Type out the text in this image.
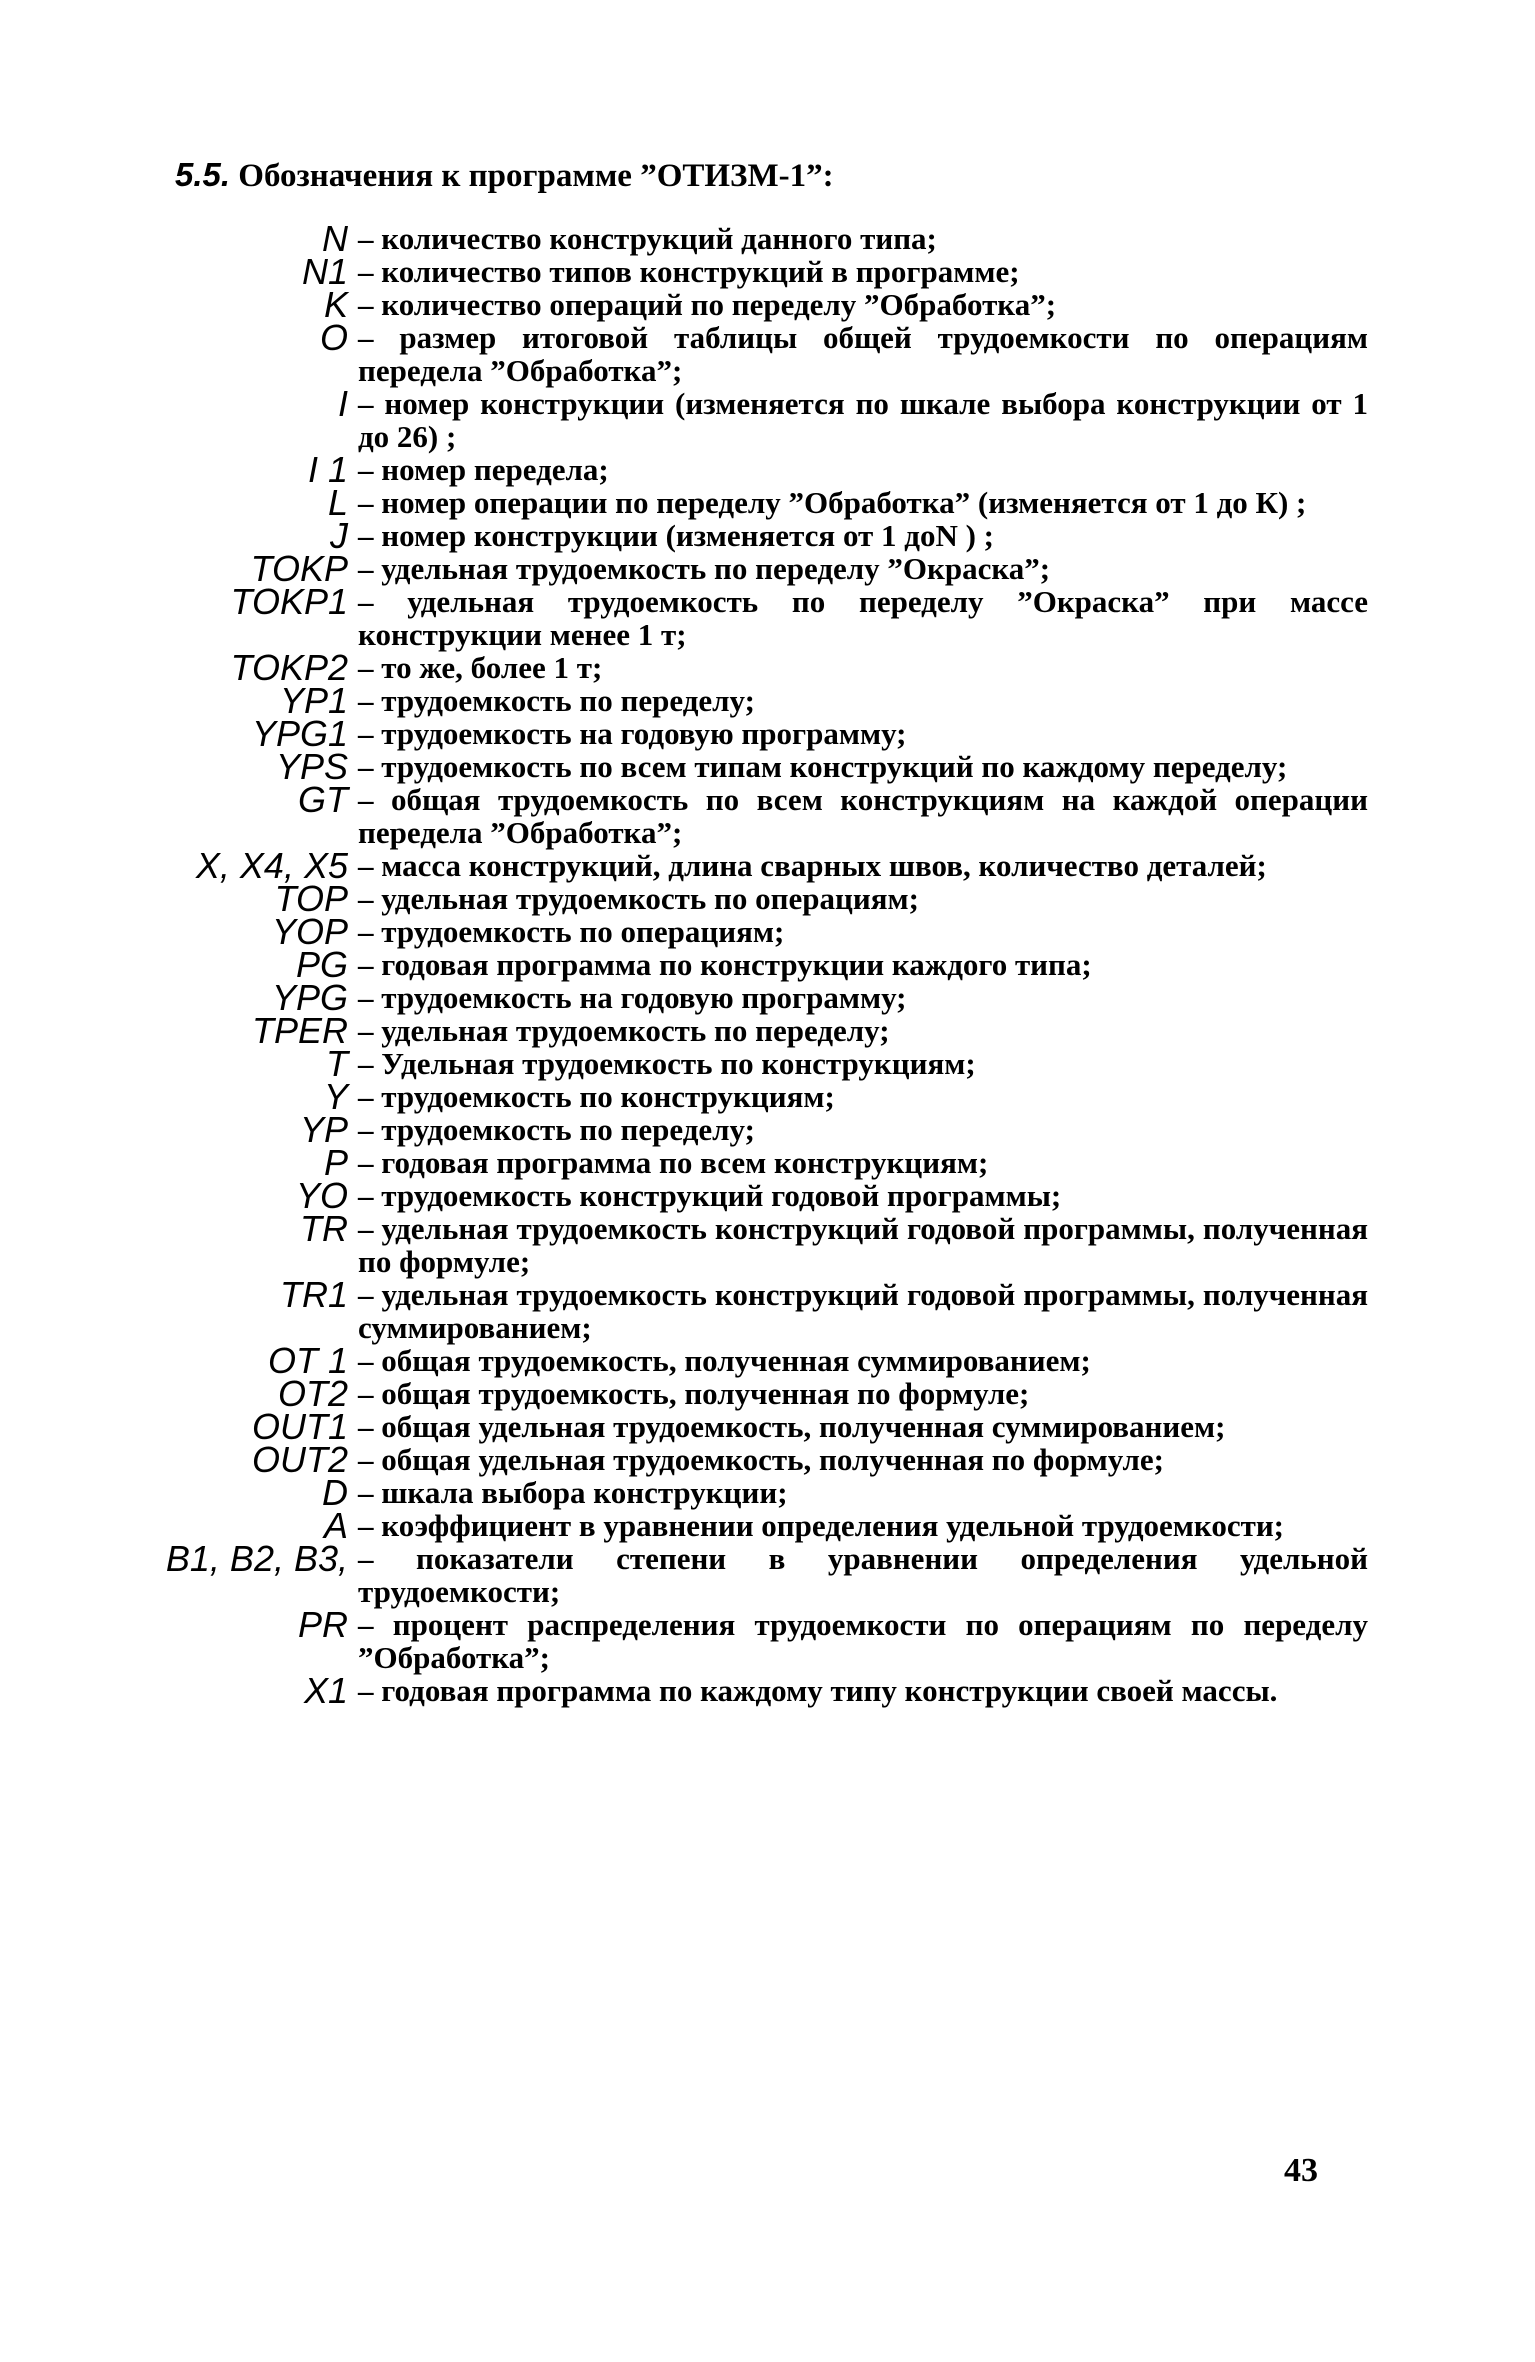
5.5. Обозначения к программе ”ОТИЗМ-1”:
N – количество конструкций данного типа;
N1 – количество типов конструкций в программе;
K – количество операций по переделу ”Обработка”;
O – размер итоговой таблицы общей трудоемкости по операциям передела ”Обработка”;
I – номер конструкции (изменяется по шкале выбора конструкции от 1 до 26) ;
I 1 – номер передела;
L – номер операции по переделу ”Обработка” (изменяется от 1 до К) ;
J – номер конструкции (изменяется от 1 доN ) ;
TOKP – удельная трудоемкость по переделу ”Окраска”;
TOKP1 – удельная трудоемкость по переделу ”Окраска” при массе конструкции менее 1 т;
TOKP2 – то же, более 1 т;
YP1 – трудоемкость по переделу;
YPG1 – трудоемкость на годовую программу;
YPS – трудоемкость по всем типам конструкций по каждому переделу;
GT – общая трудоемкость по всем конструкциям на каждой операции передела ”Обработка”;
X, X4, X5 – масса конструкций, длина сварных швов, количество деталей;
TOP – удельная трудоемкость по операциям;
YOP – трудоемкость по операциям;
PG – годовая программа по конструкции каждого типа;
YPG – трудоемкость на годовую программу;
TPER – удельная трудоемкость по переделу;
T – Удельная трудоемкость по конструкциям;
Y – трудоемкость по конструкциям;
YP – трудоемкость по переделу;
P – годовая программа по всем конструкциям;
YO – трудоемкость конструкций годовой программы;
TR – удельная трудоемкость конструкций годовой программы, полученная по формуле;
TR1 – удельная трудоемкость конструкций годовой программы, полученная суммированием;
OT 1 – общая трудоемкость, полученная суммированием;
OT2 – общая трудоемкость, полученная по формуле;
OUT1 – общая удельная трудоемкость, полученная суммированием;
OUT2 – общая удельная трудоемкость, полученная по формуле;
D – шкала выбора конструкции;
A – коэффициент в уравнении определения удельной трудоемкости;
B1, B2, B3, – показатели степени в уравнении определения удельной трудоемкости;
PR – процент распределения трудоемкости по операциям по переделу ”Обработка”;
X1 – годовая программа по каждому типу конструкции своей массы.
43
